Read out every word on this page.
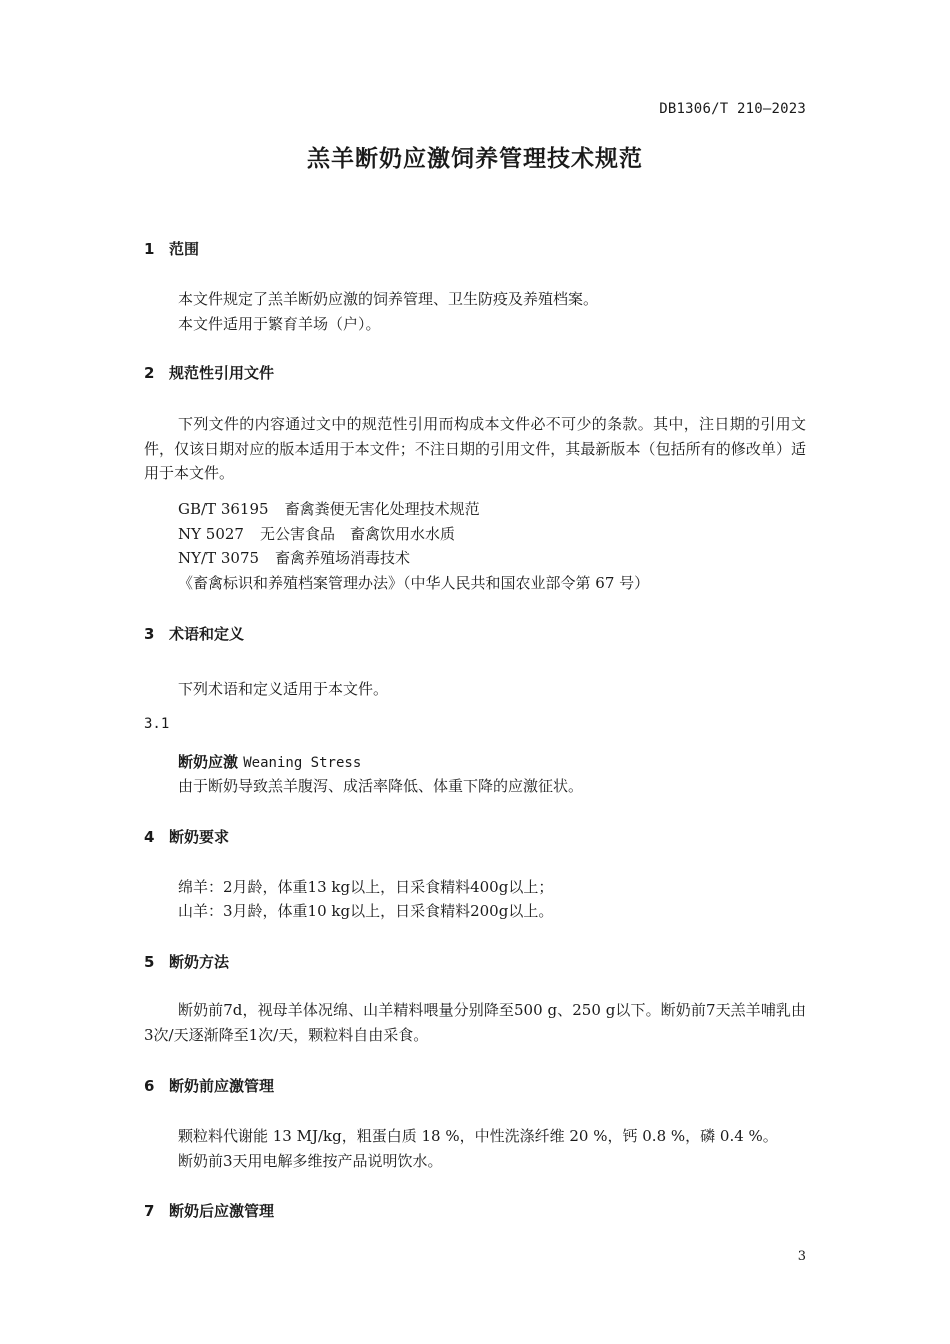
DB1306/T 210—2023
羔羊断奶应激饲养管理技术规范
1 范围
本文件规定了羔羊断奶应激的饲养管理、卫生防疫及养殖档案。
本文件适用于繁育羊场（户）。
2 规范性引用文件
下列文件的内容通过文中的规范性引用而构成本文件必不可少的条款。其中，注日期的引用文件，仅该日期对应的版本适用于本文件；不注日期的引用文件，其最新版本（包括所有的修改单）适用于本文件。
GB/T 36195 畜禽粪便无害化处理技术规范
NY 5027 无公害食品　畜禽饮用水水质
NY/T 3075 畜禽养殖场消毒技术
《畜禽标识和养殖档案管理办法》（中华人民共和国农业部令第 67 号）
3 术语和定义
下列术语和定义适用于本文件。
3.1
断奶应激 Weaning Stress
由于断奶导致羔羊腹泻、成活率降低、体重下降的应激征状。
4 断奶要求
绵羊：2月龄，体重13 kg以上，日采食精料400g以上；
山羊：3月龄，体重10 kg以上，日采食精料200g以上。
5 断奶方法
断奶前7d，视母羊体况绵、山羊精料喂量分别降至500 g、250 g以下。断奶前7天羔羊哺乳由3次/天逐渐降至1次/天，颗粒料自由采食。
6 断奶前应激管理
颗粒料代谢能 13 MJ/kg，粗蛋白质 18 %，中性洗涤纤维 20 %，钙 0.8 %，磷 0.4 %。
断奶前3天用电解多维按产品说明饮水。
7 断奶后应激管理
3
